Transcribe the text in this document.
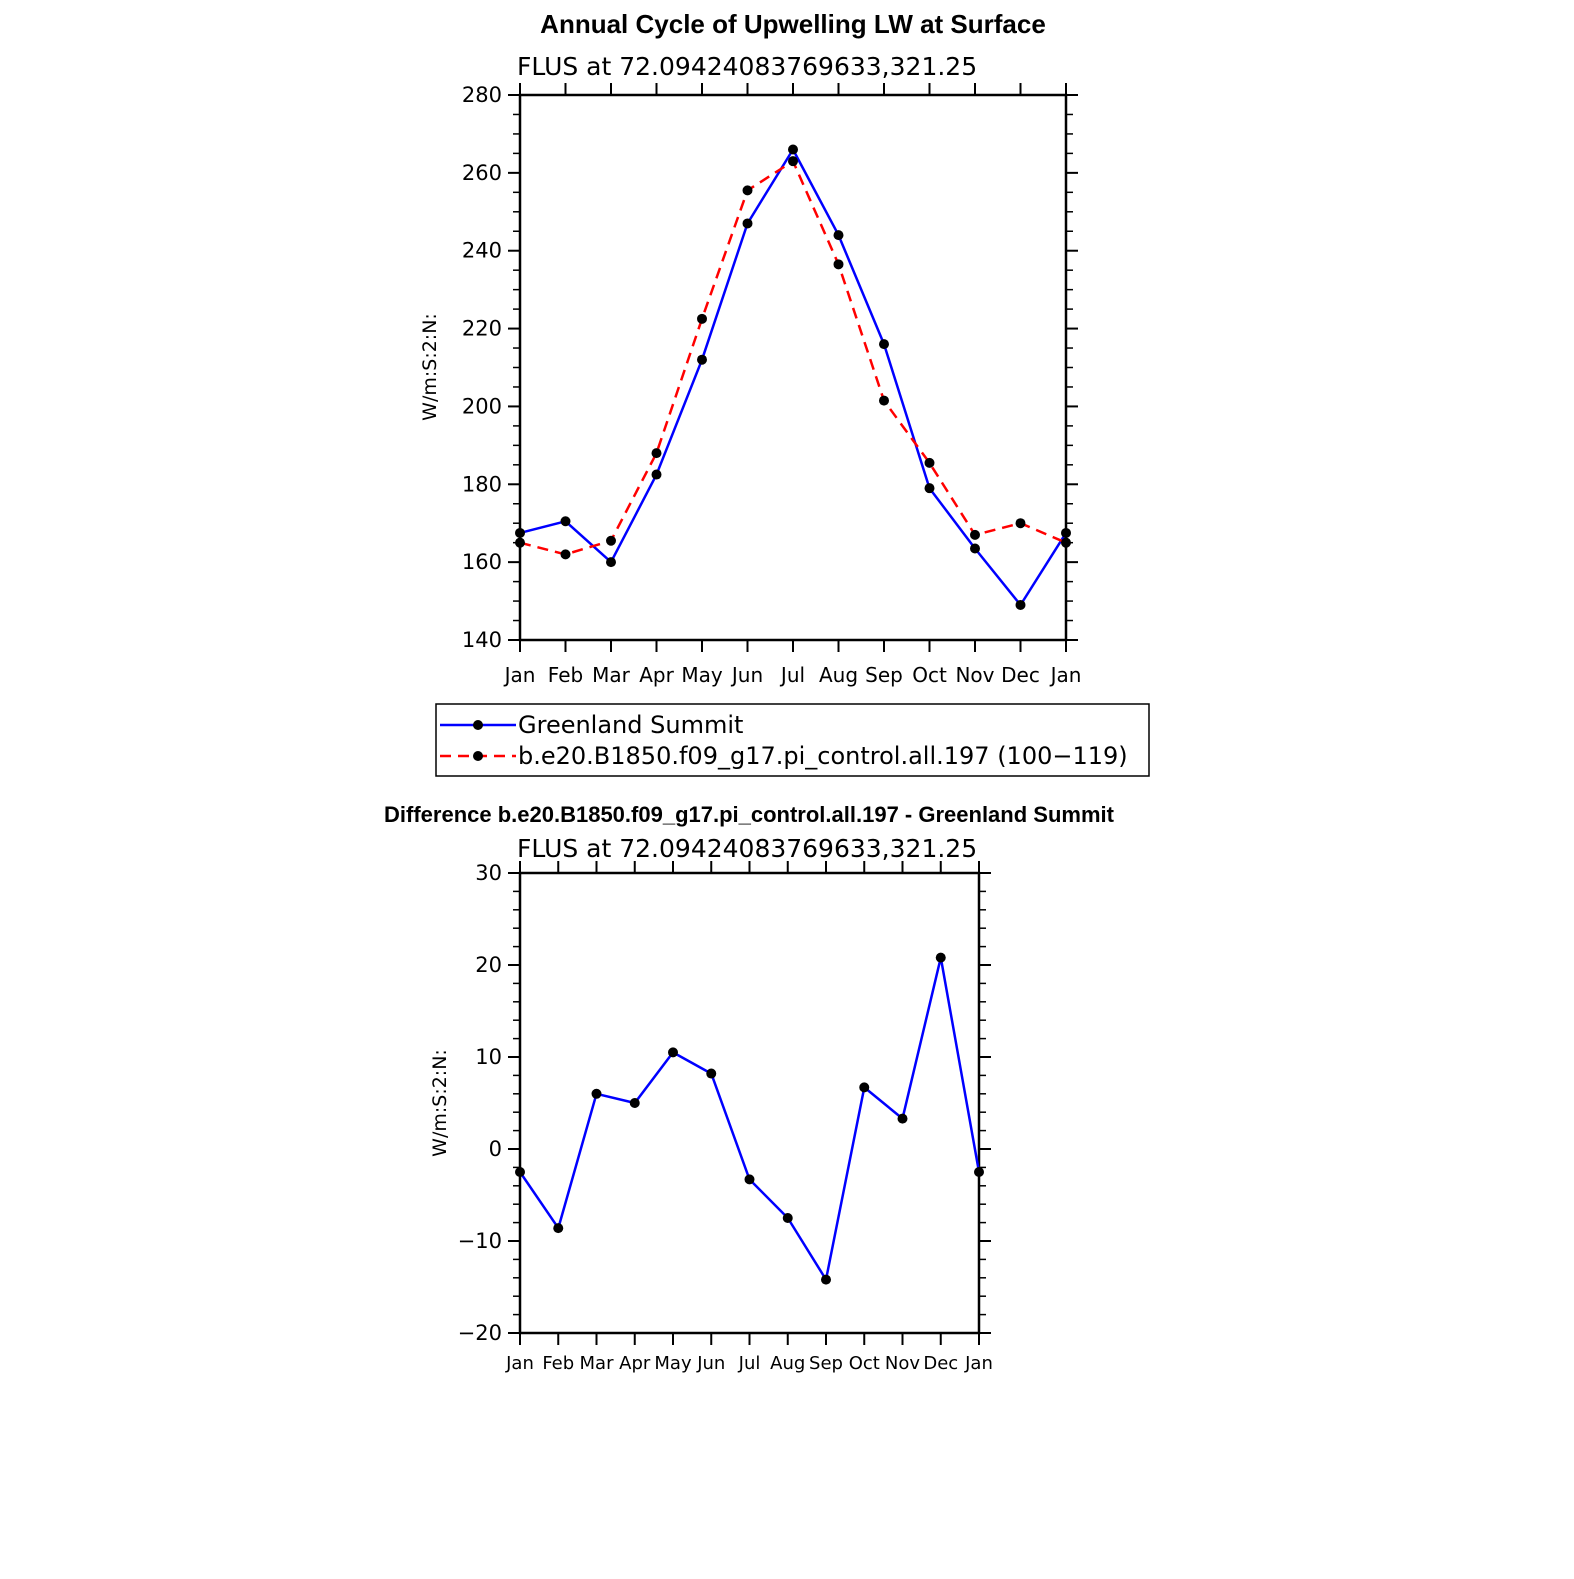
Annual Cycle of Upwelling LW at Surface
FLUS at 72.09424083769633,321.25
W/m:S:2:N:
140
160
180
200
220
240
260
280
Jan Feb Mar Apr May Jun Jul Aug Sep Oct Nov Dec Jan
Greenland Summit
b.e20.B1850.f09_g17.pi_control.all.197 (100−119)
Difference b.e20.B1850.f09_g17.pi_control.all.197 - Greenland Summit
FLUS at 72.09424083769633,321.25
W/m:S:2:N:
−20
−10
0
10
20
30
Jan Feb Mar Apr May Jun Jul Aug Sep Oct Nov Dec Jan
